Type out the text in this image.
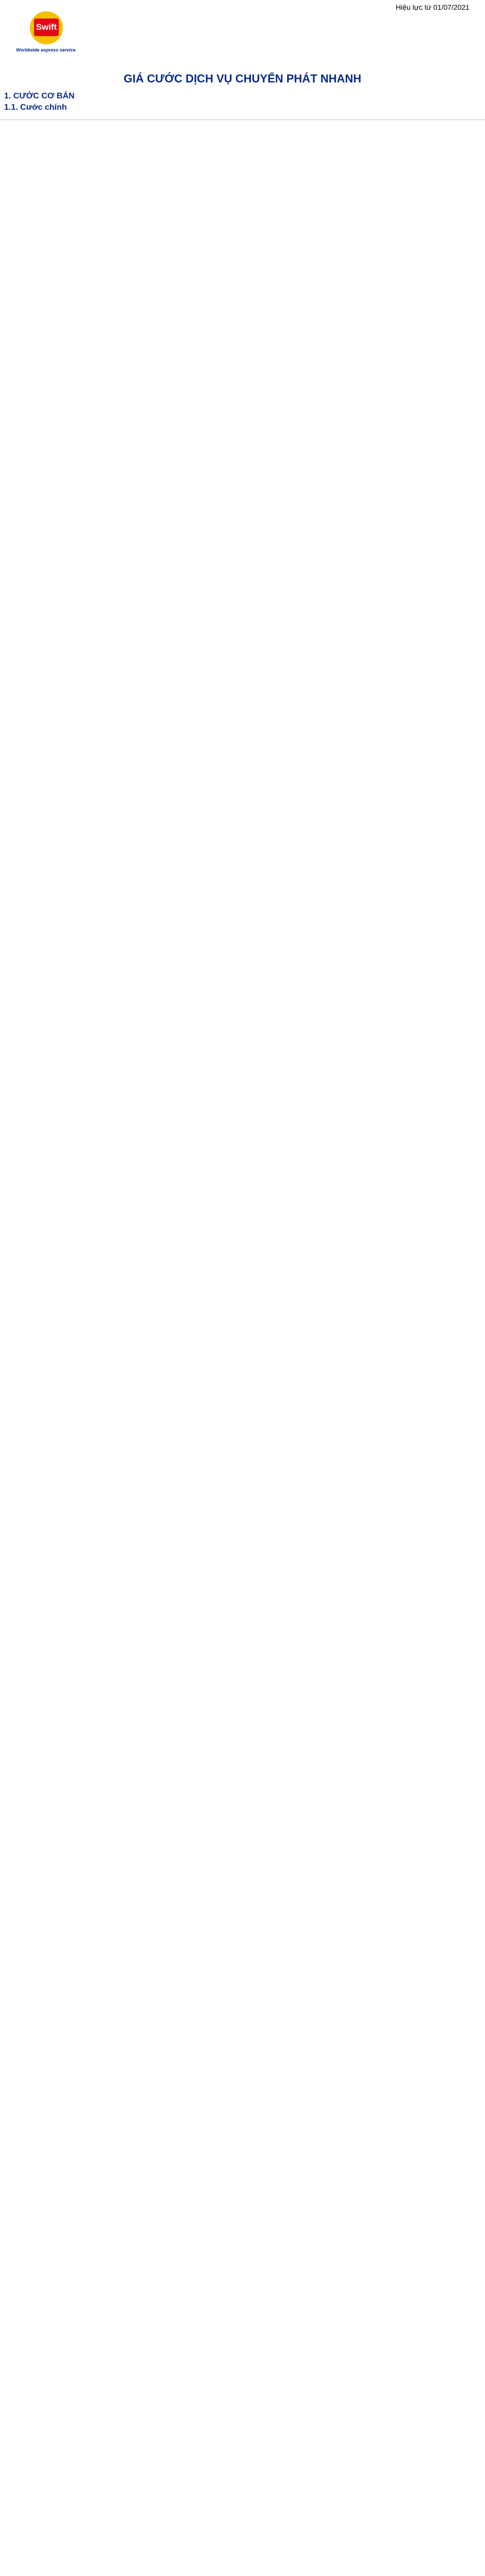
Hiệu lực từ 01/07/2021
Swift
Worldwide express service
GIÁ CƯỚC DỊCH VỤ CHUYỂN PHÁT NHANH
1. CƯỚC CƠ BẢN
1.1. Cước chính
